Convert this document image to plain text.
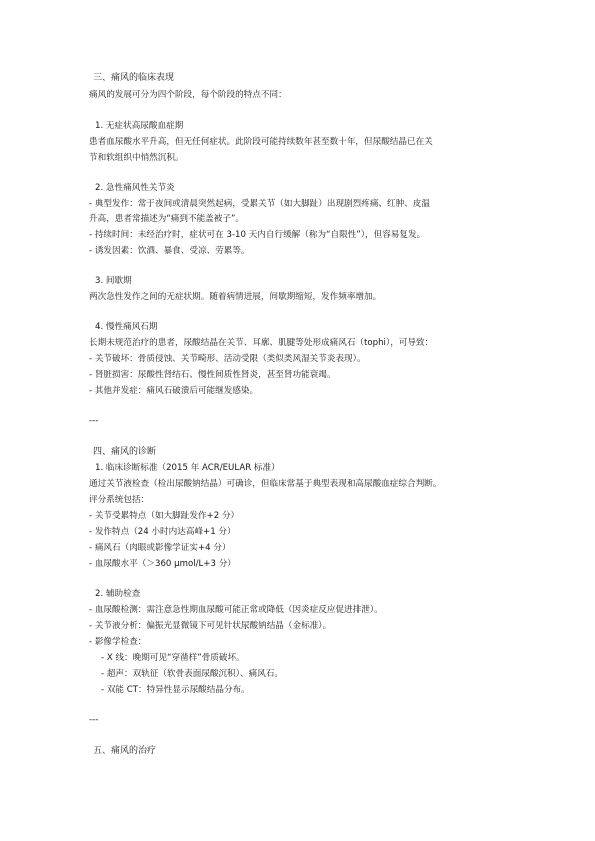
三、痛风的临床表现
痛风的发展可分为四个阶段，每个阶段的特点不同：
1. 无症状高尿酸血症期
患者血尿酸水平升高，但无任何症状。此阶段可能持续数年甚至数十年，但尿酸结晶已在关
节和软组织中悄然沉积。
2. 急性痛风性关节炎
- 典型发作：常于夜间或清晨突然起病，受累关节（如大脚趾）出现剧烈疼痛、红肿、皮温
升高，患者常描述为“痛到不能盖被子”。
- 持续时间：未经治疗时，症状可在 3-10 天内自行缓解（称为“自限性”），但容易复发。
- 诱发因素：饮酒、暴食、受凉、劳累等。
3. 间歇期
两次急性发作之间的无症状期。随着病情进展，间歇期缩短，发作频率增加。
4. 慢性痛风石期
长期未规范治疗的患者，尿酸结晶在关节、耳廓、肌腱等处形成痛风石（tophi），可导致：
- 关节破坏：骨质侵蚀、关节畸形、活动受限（类似类风湿关节炎表现）。
- 肾脏损害：尿酸性肾结石、慢性间质性肾炎，甚至肾功能衰竭。
- 其他并发症：痛风石破溃后可能继发感染。
---
四、痛风的诊断
1. 临床诊断标准（2015 年 ACR/EULAR 标准）
通过关节液检查（检出尿酸钠结晶）可确诊，但临床常基于典型表现和高尿酸血症综合判断。
评分系统包括：
- 关节受累特点（如大脚趾发作+2 分）
- 发作特点（24 小时内达高峰+1 分）
- 痛风石（肉眼或影像学证实+4 分）
- 血尿酸水平（＞360 μmol/L+3 分）
2. 辅助检查
- 血尿酸检测：需注意急性期血尿酸可能正常或降低（因炎症反应促进排泄）。
- 关节液分析：偏振光显微镜下可见针状尿酸钠结晶（金标准）。
- 影像学检查：
- X 线：晚期可见“穿凿样”骨质破坏。
- 超声：双轨征（软骨表面尿酸沉积）、痛风石。
- 双能 CT：特异性显示尿酸结晶分布。
---
五、痛风的治疗
